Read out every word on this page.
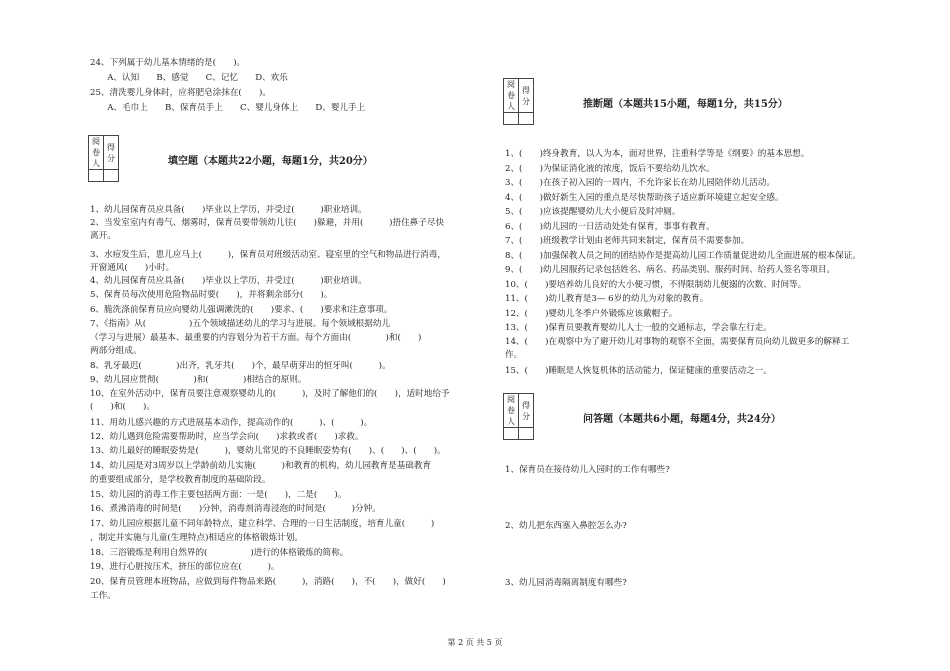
24、下列属于幼儿基本情绪的是(　　)。
　　A、认知　　B、感觉　　C、记忆　　D、欢乐
25、清洗婴儿身体时，应将肥皂涂抹在(　　)。
　　A、毛巾上　　B、保育员手上　　C、婴儿身体上　　D、婴儿手上
阅卷人	得分
		填空题（本题共22小题，每题1分，共20分）
1、幼儿园保育员应具备(　　)毕业以上学历，并受过(　　　)职业培训。
2、当发室室内有毒气、烟雾时，保育员要带领幼儿往(　　)躲避，并用(　　　)捂住鼻子尽快
离开。
3、水痘发生后，患儿应马上(　　　)，保育员对班级活动室、寝室里的空气和物品进行消毒，
开窗通风(　　)小时。
4、幼儿园保育员应具备(　　)毕业以上学历，并受过(　　　)职业培训。
5、保育员每次使用危险物品时要(　　)，并将剩余部分(　　)。
6、脆洗涤前保育员应向婴幼儿强调漱洗的(　　)要求、(　　)要求和注意事项。
7、《指南》从(　　　　　)五个领域描述幼儿的学习与进展。每个领域根据幼儿
（学习与进展）最基本、最重要的内容划分为若干方面。每个方面由(　　　　)和(　　)
两部分组成。
8、乳牙最迟(　　　　)出齐，乳牙共(　　)个，最早萌芽出的恒牙叫(　　　)。
9、幼儿园应贯彻(　　　　)和(　　　　)相结合的原则。
10、在室外活动中，保育员要注意观察婴幼儿的(　　　)，及时了解他们的(　　)，适时地给予
(　　)和(　　)。
11、用幼儿感兴趣的方式进展基本动作，提高动作的(　　　)、(　　　)。
12、幼儿遇到危险需要帮助时，应当学会向(　　)求救或者(　　)求救。
13、幼儿最好的睡眠姿势是(　　　)，婴幼儿常见的不良睡眠姿势有(　　)、(　　)、(　　)。
14、幼儿园是对3周岁以上学龄前幼儿实施(　　　)和教育的机构，幼儿园教育是基础教育
的重要组成部分，是学校教育制度的基础阶段。
15、幼儿园的消毒工作主要包括两方面：一是(　　)，二是(　　)。
16、煮沸消毒的时间是(　　)分钟，消毒剂消毒浸泡的时间是(　　　)分钟。
17、幼儿园应根据儿童不同年龄特点，建立科学、合理的一日生活制度，培育儿童(　　　)
，制定并实施与儿童(生理特点)相适应的体格锻炼计划。
18、三浴锻炼是利用自然界的(　　　　　)进行的体格锻炼的简称。
19、进行心脏按压术，挤压的部位应在(　　　)。
20、保育员管理本班物品，应做到每件物品来路(　　　)，消路(　　)，不(　　)，做好(　　)
工作。
阅卷人	得分
		推断题（本题共15小题，每题1分，共15分）
1、(　　)终身教育，以人为本，面对世界，注重科学等是《纲要》的基本思想。
2、(　　)为保证消化液的浓度，饭后不要给幼儿饮水。
3、(　　)在孩子初入园的一周内，不允许家长在幼儿园陪伴幼儿活动。
4、(　　)做好新生入园的重点是尽快帮助孩子适应新环境建立起安全感。
5、(　　)应该提醒婴幼儿大小便后及时冲厕。
6、(　　)幼儿园的一日活动处处有保育，事事有教育。
7、(　　)班级教学计划由老师共同来制定，保育员不需要参加。
8、(　　)加强保教人员之间的团结协作是提高幼儿园工作质量促进幼儿全面进展的根本保证。
9、(　　)幼儿园服药记录包括姓名、病名、药品类别、服药时间、给药人签名等项目。
10、(　　)要培养幼儿良好的大小便习惯，不得限制幼儿便溺的次数、时间等。
11、(　　)幼儿教育是3— 6岁的幼儿为对象的教育。
12、(　　)婴幼儿冬季户外锻炼应该戴帽子。
13、(　　)保育员要教育婴幼儿人士一般的交通标志，学会靠左行走。
14、(　　)在观察中为了避开幼儿对事物的观察不全面，需要保育员向幼儿做更多的解释工
作。
15、(　　)睡眠是人恢复机体的活动能力，保证健康的重要活动之一。
阅卷人	得分
		问答题（本题共6小题，每题4分，共24分）
1、保育员在接待幼儿入园时的工作有哪些?
2、幼儿把东西塞入鼻腔怎么办?
3、幼儿园消毒隔离制度有哪些?
第 2 页 共 5 页
